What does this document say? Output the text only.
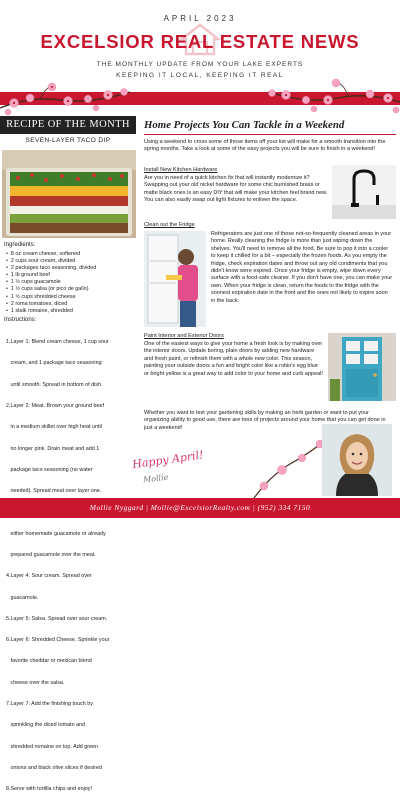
APRIL 2023
EXCELSIOR REAL ESTATE NEWS
THE MONTHLY UPDATE FROM YOUR LAKE EXPERTS
KEEPING IT LOCAL, KEEPING IT REAL
RECIPE OF THE MONTH
SEVEN-LAYER TACO DIP
Ingredients:
• 8 oz cream cheese, softened
• 2 cups sour cream, divided
• 2 packages taco seasoning, divided
• 1 lb ground beef
• 1 ½ cups guacamole
• 1 ½ cups salsa (or pico de gallo)
• 1 ½ cups shredded cheese
• 2 roma tomatoes, diced
• 1 stalk romaine, shredded
Instructions:

1.Layer 1: Blend cream cheese, 1 cup sour

cream, and 1 package taco seasoning

until smooth. Spread in bottom of dish.

2.Layer 2: Meat. Brown your ground beef

in a medium skillet over high heat until

no longer pink. Drain meat and add 1

package taco seasoning (no water

needed). Spread meat over layer one.

either homemade guacamole or already

prepared guacamole over the meat.

4.Layer 4: Sour cream. Spread over

guacamole.

5.Layer 5: Salsa. Spread over sour cream.

6.Layer 6: Shredded Cheese. Sprinkle your

favorite cheddar or mexican blend

cheese over the salsa.

7.Layer 7: Add the finishing touch by

sprinkling the diced tomato and

shredded romaine on top. Add green

onions and black olive slices if desired

8.Serve with tortilla chips and enjoy!

Home Projects You Can Tackle in a Weekend
Using a weekend to cross some of those items off your list will make for a smooth transition into the spring months. Take a look at some of the easy projects you will be sure to finish in a weekend!
Install New Kitchen Hardware
Are you in need of a quick kitchen fix that will instantly modernize it? Swapping out your old nickel hardware for some chic burnished brass or matte black ones is an easy DIY that will make your kitchen feel brand new. You can also easily swap out light fixtures to enliven the space.
Clean out the Fridge
Refrigerators are just one of those not-so-frequently cleaned areas in your home. Really cleaning the fridge is more than just wiping down the shelves. You'll need to remove all the food. Be sure to pop it into a cooler to keep it chilled for a bit – especially the frozen foods. As you empty the fridge, check expiration dates and throw out any old condiments that you didn't know were expired. Once your fridge is empty, wipe down every surface with a food-safe cleaner. If you don't have one, you can make your own. When your fridge is clean, return the foods to the fridge with the soonest expiration date in the front and the ones not likely to expire soon in the back.
Paint Interior and Exterior Doors
One of the easiest ways to give your home a fresh look is by making over the interior doors. Update boring, plain doors by adding new hardware and fresh paint, or refinish them with a whole new color. This season, painting your outside doors a fun and bright color like a robin's egg blue or bright yellow is a great way to add color to your home and curb appeal!
Whether you want to test your gardening skills by making an herb garden or want to put your organizing ability to good use, there are tons of projects around your home that you can get done in just a weekend!
Happy April!
Mollie
Mollie Nyggard | Mollie@ExcelsiorRealty.com | (952) 334 7150
